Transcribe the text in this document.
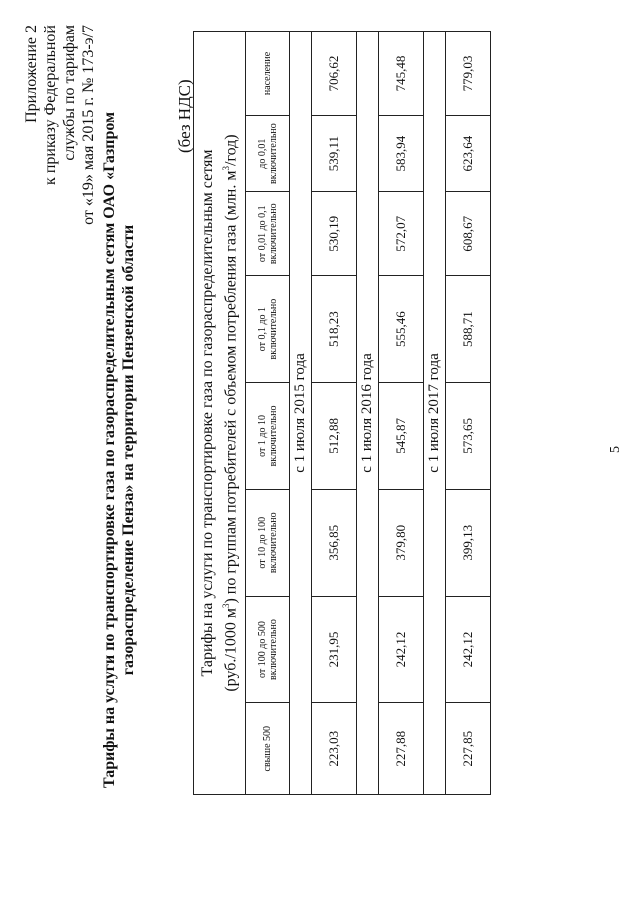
Приложение 2 к приказу Федеральной службы по тарифам от «19» мая 2015 г. № 173-э/7 Тарифы на услуги по транспортировке газа по газораспределительным сетям ОАО «Газпром газораспределение Пенза» на территории Пензенской области
(без НДС)
Тарифы на услуги по транспортировке газа по газораспределительным сетям (руб./1000 $м^3$) по группам потребителей с объемом потребления газа (млн. $м^3/год$)							

свыше 500	от 100 до 500 включительно	от 10 до 100 включительно	от 1 до 10 включительно	от 0,1 до 1 включительно	от 0,01 до 0,1 включительно	до 0,01 включительно	население
с 1 июля 2015 года							
223,03	231,95	356,85	512,88	518,23	530,19	539,11	706,62
с 1 июля 2016 года							
227,88	242,12	379,80	545,87	555,46	572,07	583,94	745,48
с 1 июля 2017 года							
227,85	242,12	399,13	573,65	588,71	608,67	623,64	779,03
5
